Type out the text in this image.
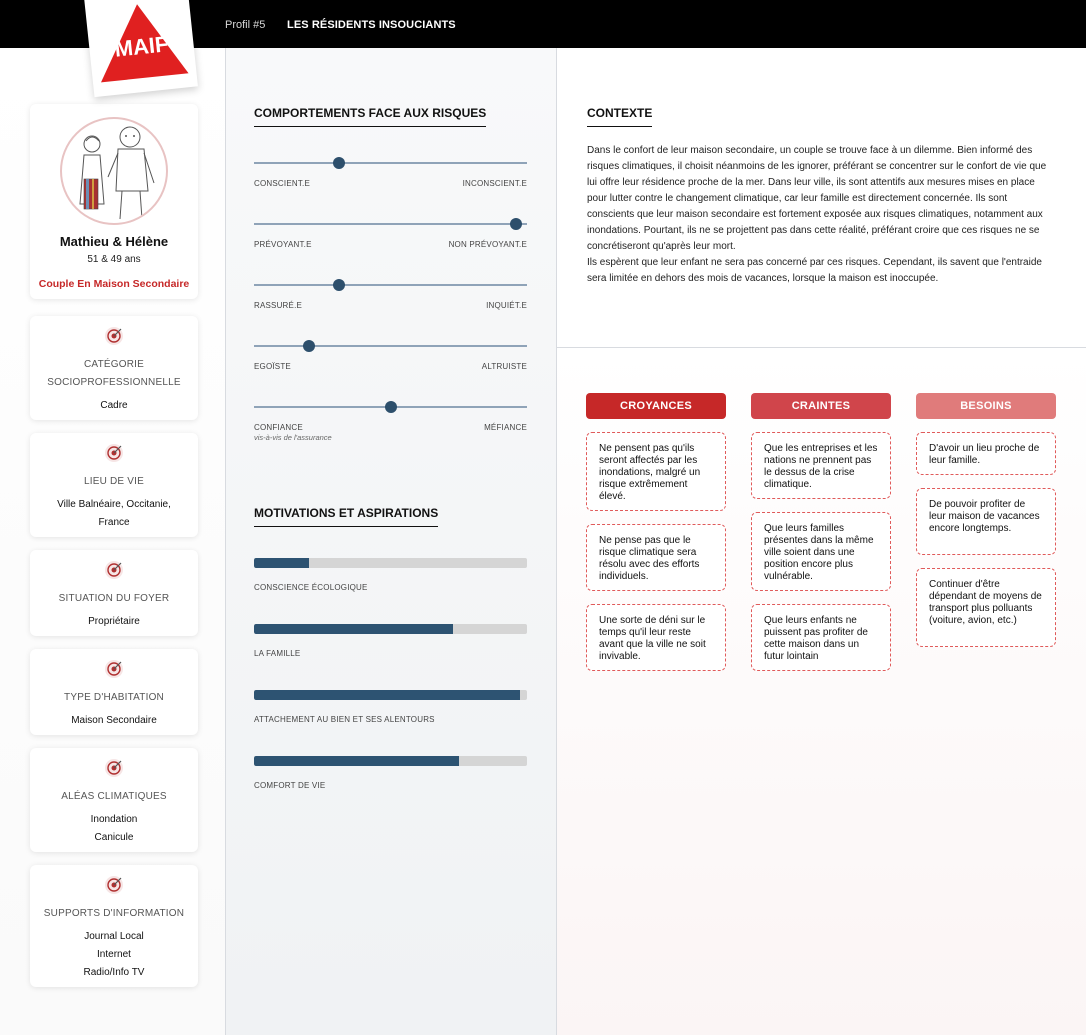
Profil #5 LES RÉSIDENTS INSOUCIANTS
MAIF
Mathieu & Hélène
51 & 49 ans
Couple En Maison Secondaire
CATÉGORIE SOCIOPROFESSIONNELLE
Cadre
LIEU DE VIE
Ville Balnéaire, Occitanie, France
SITUATION DU FOYER
Propriétaire
TYPE D'HABITATION
Maison Secondaire
ALÉAS CLIMATIQUES
Inondation
Canicule
SUPPORTS D'INFORMATION
Journal Local
Internet
Radio/Info TV
COMPORTEMENTS FACE AUX RISQUES
CONSCIENT.E	INCONSCIENT.E
PRÉVOYANT.E	NON PRÉVOYANT.E
RASSURÉ.E	INQUIÉT.E
EGOÏSTE	ALTRUISTE
CONFIANCE	MÉFIANCE
vis-à-vis de l'assurance
MOTIVATIONS ET ASPIRATIONS
CONSCIENCE ÉCOLOGIQUE
LA FAMILLE
ATTACHEMENT AU BIEN ET SES ALENTOURS
COMFORT DE VIE
CONTEXTE

Dans le confort de leur maison secondaire, un couple se trouve face à un dilemme. Bien informé des risques climatiques, il choisit néanmoins de les ignorer, préférant se concentrer sur le confort de vie que lui offre leur résidence proche de la mer. Dans leur ville, ils sont attentifs aux mesures mises en place pour lutter contre le changement climatique, car leur famille est directement concernée. Ils sont conscients que leur maison secondaire est fortement exposée aux risques climatiques, notamment aux inondations. Pourtant, ils ne se projettent pas dans cette réalité, préférant croire que ces risques ne se concrétiseront qu'après leur mort.

Ils espèrent que leur enfant ne sera pas concerné par ces risques. Cependant, ils savent que l'entraide sera limitée en dehors des mois de vacances, lorsque la maison est inoccupée.

CROYANCES	CRAINTES	BESOINS
Ne pensent pas qu'ils seront affectés par les inondations, malgré un risque extrêmement élevé.
Ne pense pas que le risque climatique sera résolu avec des efforts individuels.
Une sorte de déni sur le temps qu'il leur reste avant que la ville ne soit invivable.
Que les entreprises et les nations ne prennent pas le dessus de la crise climatique.
Que leurs familles présentes dans la même ville soient dans une position encore plus vulnérable.
Que leurs enfants ne puissent pas profiter de cette maison dans un futur lointain
D'avoir un lieu proche de leur famille.
De pouvoir profiter de leur maison de vacances encore longtemps.
Continuer d'être dépendant de moyens de transport plus polluants (voiture, avion, etc.)
